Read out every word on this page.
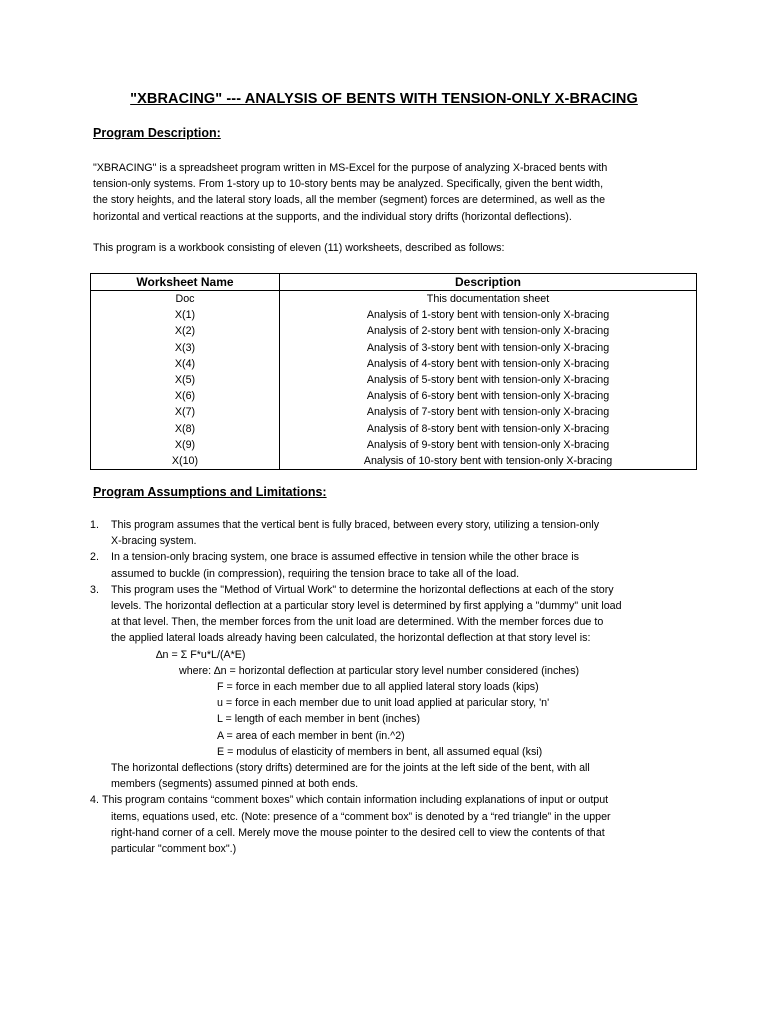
"XBRACING" --- ANALYSIS OF BENTS WITH TENSION-ONLY X-BRACING
Program Description:
"XBRACING" is a spreadsheet program written in MS-Excel for the purpose of analyzing X-braced bents with
tension-only systems. From 1-story up to 10-story bents may be analyzed. Specifically, given the bent width,
the story heights, and the lateral story loads, all the member (segment) forces are determined, as well as the
horizontal and vertical reactions at the supports, and the individual story drifts (horizontal deflections).
This program is a workbook consisting of eleven (11) worksheets, described as follows:
Worksheet Name	Description
Doc	This documentation sheet
X(1)	Analysis of 1-story bent with tension-only X-bracing
X(2)	Analysis of 2-story bent with tension-only X-bracing
X(3)	Analysis of 3-story bent with tension-only X-bracing
X(4)	Analysis of 4-story bent with tension-only X-bracing
X(5)	Analysis of 5-story bent with tension-only X-bracing
X(6)	Analysis of 6-story bent with tension-only X-bracing
X(7)	Analysis of 7-story bent with tension-only X-bracing
X(8)	Analysis of 8-story bent with tension-only X-bracing
X(9)	Analysis of 9-story bent with tension-only X-bracing
X(10)	Analysis of 10-story bent with tension-only X-bracing
Program Assumptions and Limitations:
1.	This program assumes that the vertical bent is fully braced, between every story, utilizing a tension-only
X-bracing system.
2.	In a tension-only bracing system, one brace is assumed effective in tension while the other brace is
assumed to buckle (in compression), requiring the tension brace to take all of the load.
3.	This program uses the "Method of Virtual Work" to determine the horizontal deflections at each of the story
levels. The horizontal deflection at a particular story level is determined by first applying a "dummy" unit load
at that level. Then, the member forces from the unit load are determined. With the member forces due to
the applied lateral loads already having been calculated, the horizontal deflection at that story level is:
∆n = Σ F*u*L/(A*E)
where: ∆n = horizontal deflection at particular story level number considered (inches)
F = force in each member due to all applied lateral story loads (kips)
u = force in each member due to unit load applied at paricular story, 'n'
L = length of each member in bent (inches)
A = area of each member in bent (in.^2)
E = modulus of elasticity of members in bent, all assumed equal (ksi)
The horizontal deflections (story drifts) determined are for the joints at the left side of the bent, with all
members (segments) assumed pinned at both ends.
4. This program contains “comment boxes” which contain information including explanations of input or output
items, equations used, etc. (Note: presence of a “comment box” is denoted by a “red triangle” in the upper
right-hand corner of a cell. Merely move the mouse pointer to the desired cell to view the contents of that
particular "comment box".)
